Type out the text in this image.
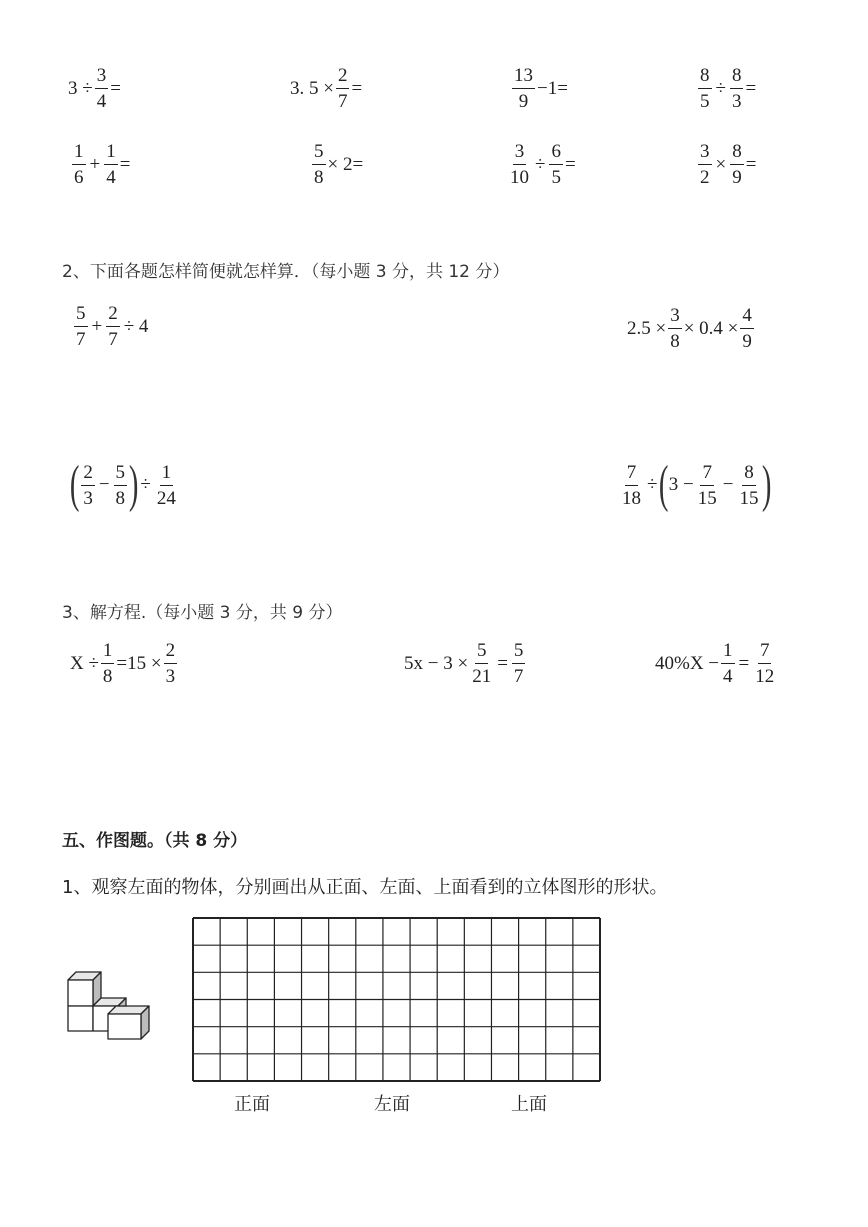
$3 \div \frac{3}{4}$ =	3. $5 \times \frac{2}{7}$ =	$\frac{13}{9} -1=$	$\frac{8}{5} \div \frac{8}{3}$ =
$\frac{1}{6} + \frac{1}{4}$ =	$\frac{5}{8} \times 2=$	$\frac{3}{10} \div \frac{6}{5}$ =	$\frac{3}{2} \times \frac{8}{9}$ =
2、下面各题怎样简便就怎样算．（每小题 3 分，共 12 分）
$\frac{5}{7} + \frac{2}{7} \div 4$	$2.5 \times \frac{3}{8} \times 0.4 \times \frac{4}{9}$
( $\frac{2}{3} - \frac{5}{8}$ ) ÷ $\frac{1}{24}$	$\frac{7}{18}$ ÷ ( $3 - \frac{7}{15} - \frac{8}{15}$ )
3、解方程.（每小题 3 分，共 9 分）
$X \div \frac{1}{8} =15 \times \frac{2}{3}$	$5x - 3 \times \frac{5}{21} = \frac{5}{7}$	$40\%X - \frac{1}{4} = \frac{7}{12}$
五、作图题。（共 8 分）
1、观察左面的物体，分别画出从正面、左面、上面看到的立体图形的形状。
正面	左面	上面
